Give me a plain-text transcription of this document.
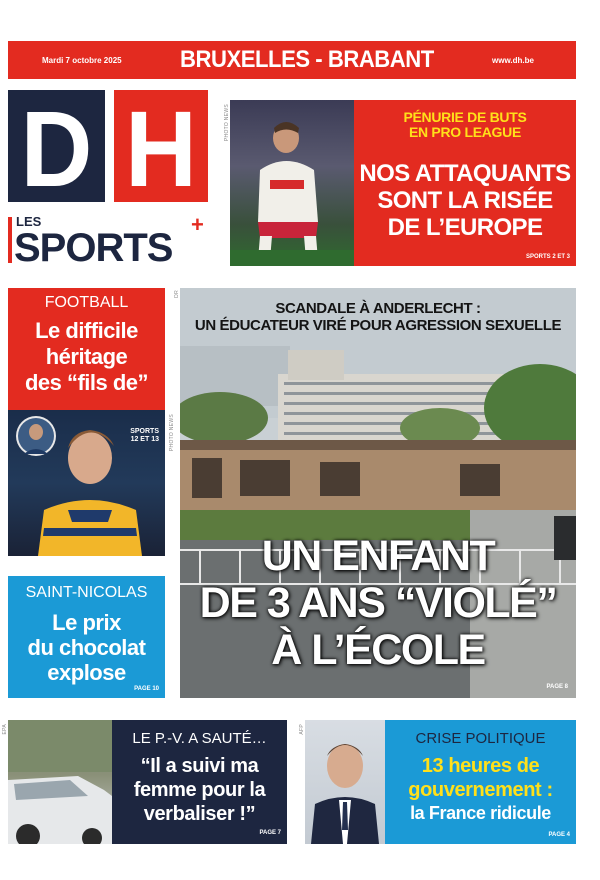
Mardi 7 octobre 2025 BRUXELLES - BRABANT	www.dh.be
D H
LES
SPORTS
+
PHOTO NEWS	PÉNURIE DE BUTS
EN PRO LEAGUE
NOS ATTAQUANTS
SONT LA RISÉE
DE L’EUROPE
SPORTS 2 ET 3
FOOTBALL
Le difficile
héritage
des “fils de”
PHOTO NEWS
SPORTS
12 ET 13
SAINT-NICOLAS
Le prix
du chocolat
explose
PAGE 10
DR
SCANDALE À ANDERLECHT :
UN ÉDUCATEUR VIRÉ POUR AGRESSION SEXUELLE
UN ENFANT
DE 3 ANS “VIOLÉ”
À L’ÉCOLE
PAGE 8
EPA
LE P.-V. A SAUTÉ…
“Il a suivi ma
femme pour la
verbaliser !”
PAGE 7
AFP
CRISE POLITIQUE
13 heures de
gouvernement :
la France ridicule
PAGE 4
